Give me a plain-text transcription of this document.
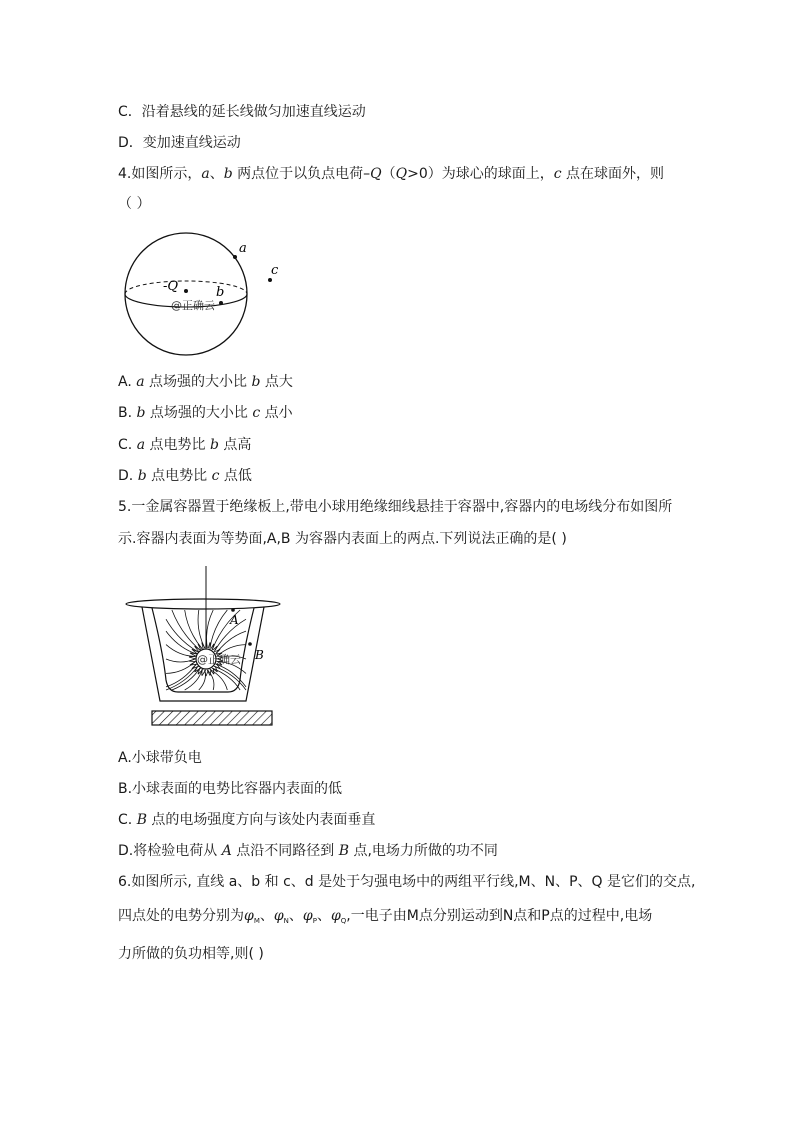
C．沿着悬线的延长线做匀加速直线运动
D．变加速直线运动
4.如图所示，a、b 两点位于以负点电荷–Q（Q>0）为球心的球面上，c 点在球面外，则
（ ）
a
c
-Q	b
@正确云
A. a 点场强的大小比 b 点大
B. b 点场强的大小比 c 点小
C. a 点电势比 b 点高
D. b 点电势比 c 点低
5.一金属容器置于绝缘板上,带电小球用绝缘细线悬挂于容器中,容器内的电场线分布如图所
示.容器内表面为等势面,A,B 为容器内表面上的两点.下列说法正确的是( )
A
B
@正确云
A.小球带负电
B.小球表面的电势比容器内表面的低
C. B 点的电场强度方向与该处内表面垂直
D.将检验电荷从 A 点沿不同路径到 B 点,电场力所做的功不同
6.如图所示, 直线 a、b 和 c、d 是处于匀强电场中的两组平行线,M、N、P、Q 是它们的交点,
四点处的电势分别为$\varphi_M$、$\varphi_N$、$\varphi_P$、$\varphi_Q$,一电子由M点分别运动到N点和P点的过程中,电场
力所做的负功相等,则( )
